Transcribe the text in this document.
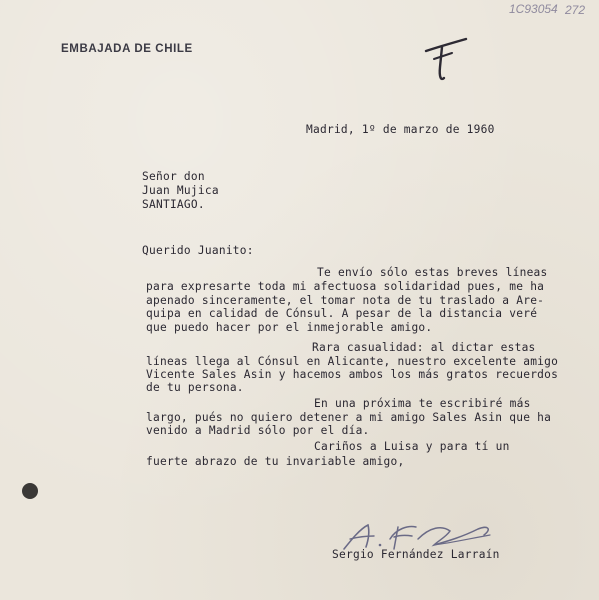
1C93054 272
EMBAJADA DE CHILE
Madrid, 1º de marzo de 1960
Señor don
Juan Mujica
SANTIAGO.
Querido Juanito:
Te envío sólo estas breves líneas
para expresarte toda mi afectuosa solidaridad pues, me ha
apenado sinceramente, el tomar nota de tu traslado a Are-
quipa en calidad de Cónsul. A pesar de la distancia veré
que puedo hacer por el inmejorable amigo.
Rara casualidad: al dictar estas
líneas llega al Cónsul en Alicante, nuestro excelente amigo
Vicente Sales Asin y hacemos ambos los más gratos recuerdos
de tu persona.
En una próxima te escribiré más
largo, pués no quiero detener a mi amigo Sales Asin que ha
venido a Madrid sólo por el día.
Cariños a Luisa y para tí un
fuerte abrazo de tu invariable amigo,
Sergio Fernández Larraín
